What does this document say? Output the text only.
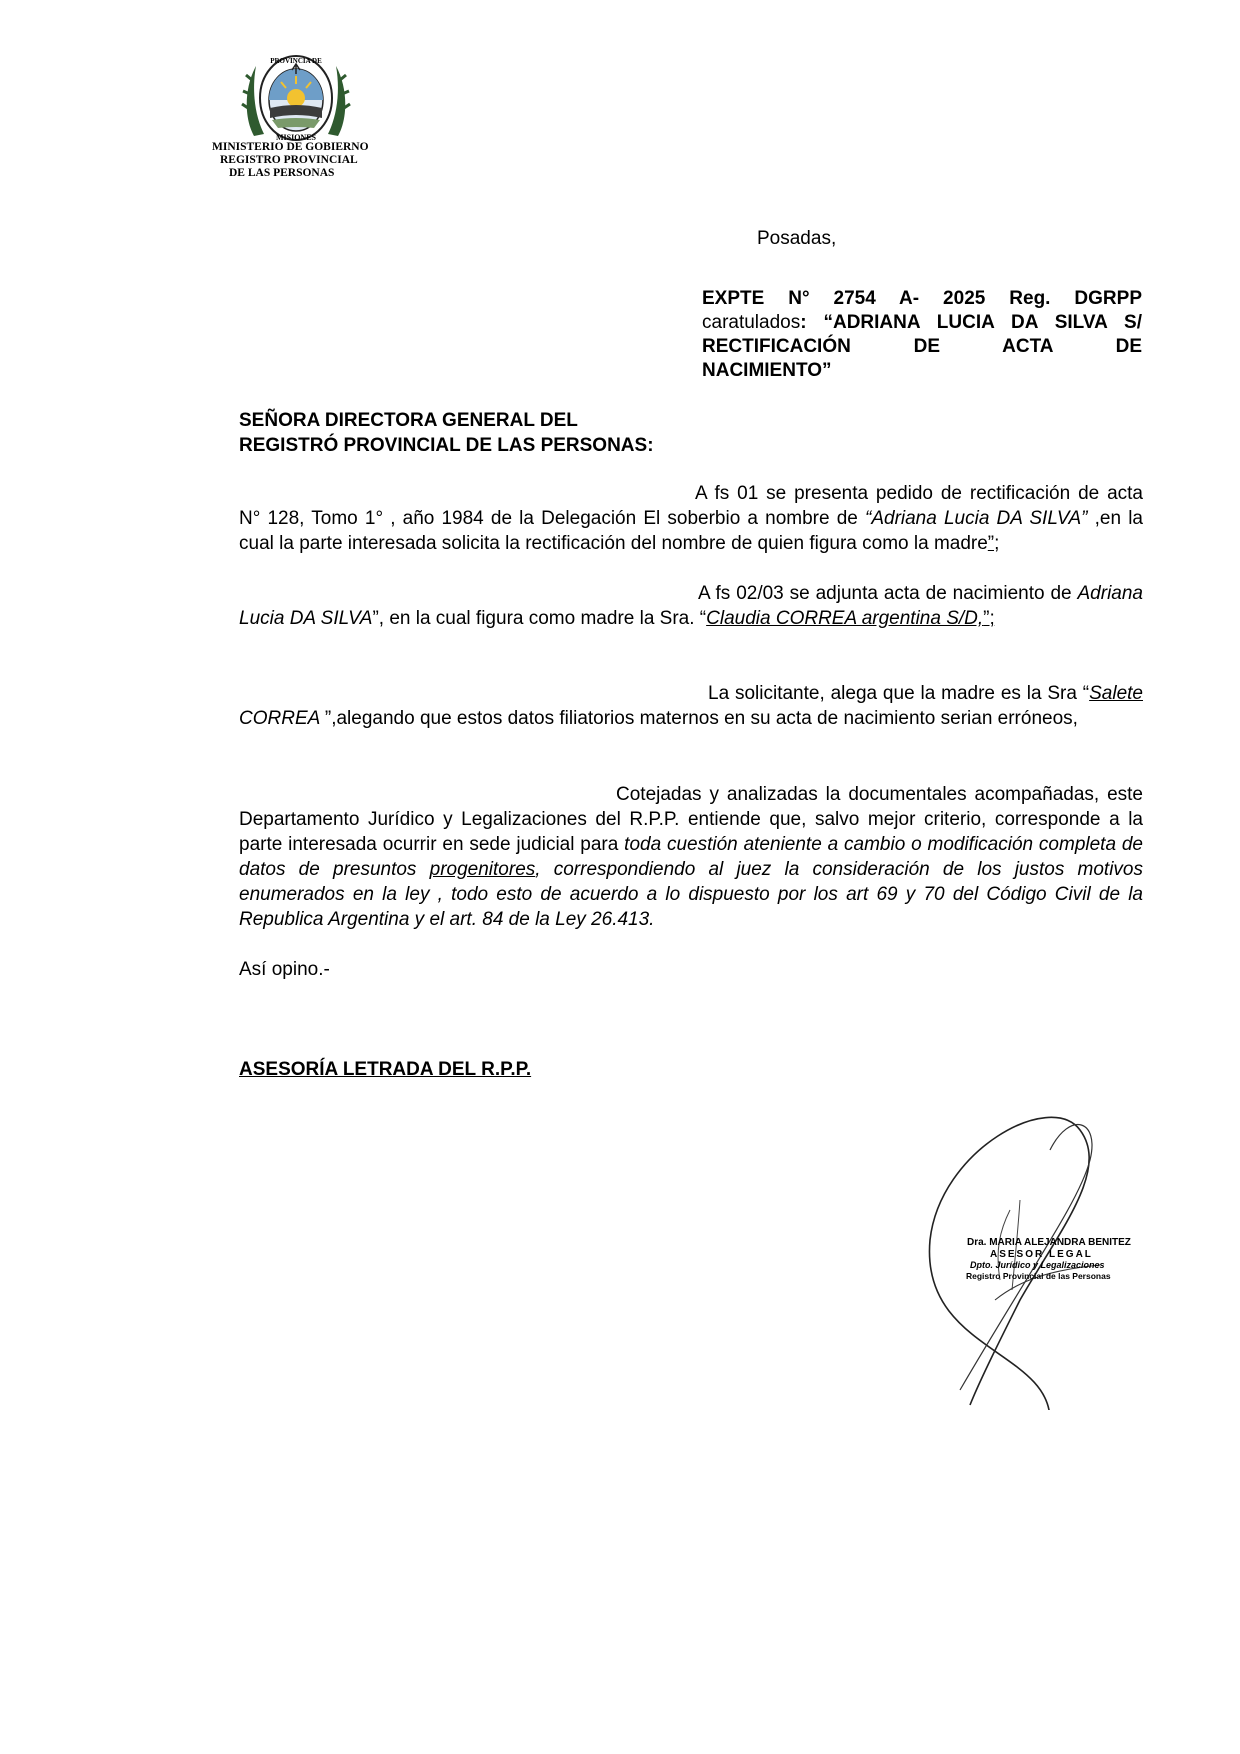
PROVINCIA DE
MISIONES
MINISTERIO DE GOBIERNO
REGISTRO PROVINCIAL
DE LAS PERSONAS
Posadas,
EXPTE N° 2754 A- 2025 Reg. DGRPP
caratulados: “ADRIANA LUCIA DA SILVA S/
RECTIFICACIÓN DE ACTA DE
NACIMIENTO”
SEÑORA DIRECTORA GENERAL DEL
REGISTRÓ PROVINCIAL DE LAS PERSONAS:
A fs 01 se presenta pedido de rectificación de acta N° 128, Tomo 1° , año 1984 de la Delegación El soberbio a nombre de “Adriana Lucia DA SILVA” ,en la cual la parte interesada solicita la rectificación del nombre de quien figura como la madre”;
A fs 02/03 se adjunta acta de nacimiento de Adriana Lucia DA SILVA”, en la cual figura como madre la Sra. “Claudia CORREA argentina S/D,”;
La solicitante, alega que la madre es la Sra “Salete CORREA ”,alegando que estos datos filiatorios maternos en su acta de nacimiento serian erróneos,
Cotejadas y analizadas la documentales acompañadas, este Departamento Jurídico y Legalizaciones del R.P.P. entiende que, salvo mejor criterio, corresponde a la parte interesada ocurrir en sede judicial para toda cuestión ateniente a cambio o modificación completa de datos de presuntos progenitores, correspondiendo al juez la consideración de los justos motivos enumerados en la ley , todo esto de acuerdo a lo dispuesto por los art 69 y 70 del Código Civil de la Republica Argentina y el art. 84 de la Ley 26.413.
Así opino.-
ASESORÍA LETRADA DEL R.P.P.
Dra. MARIA ALEJANDRA BENITEZ
ASESOR LEGAL
Dpto. Jurídico y Legalizaciones
Registro Provincial de las Personas
